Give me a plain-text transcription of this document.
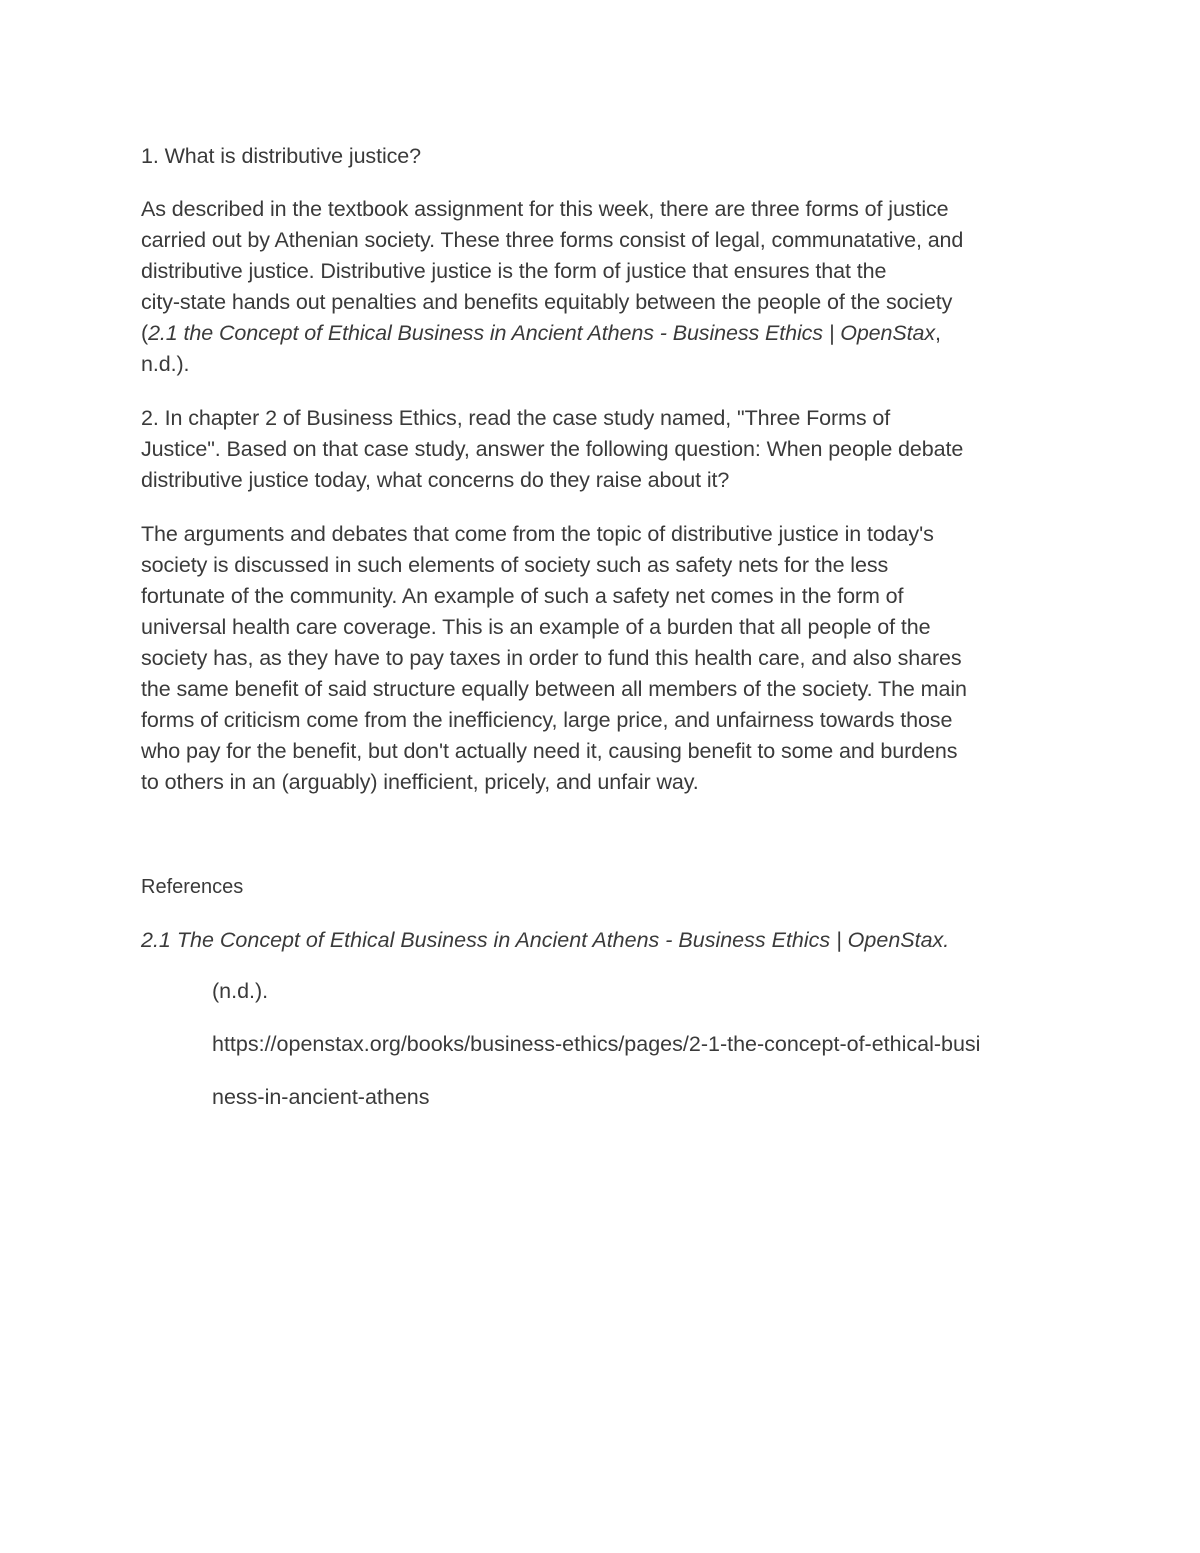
1. What is distributive justice?

As described in the textbook assignment for this week, there are three forms of justice
carried out by Athenian society. These three forms consist of legal, communatative, and
distributive justice. Distributive justice is the form of justice that ensures that the
city-state hands out penalties and benefits equitably between the people of the society
(2.1 the Concept of Ethical Business in Ancient Athens - Business Ethics | OpenStax,
n.d.).

2. In chapter 2 of Business Ethics, read the case study named, "Three Forms of
Justice". Based on that case study, answer the following question: When people debate
distributive justice today, what concerns do they raise about it?

The arguments and debates that come from the topic of distributive justice in today's
society is discussed in such elements of society such as safety nets for the less
fortunate of the community. An example of such a safety net comes in the form of
universal health care coverage. This is an example of a burden that all people of the
society has, as they have to pay taxes in order to fund this health care, and also shares
the same benefit of said structure equally between all members of the society. The main
forms of criticism come from the inefficiency, large price, and unfairness towards those
who pay for the benefit, but don't actually need it, causing benefit to some and burdens
to others in an (arguably) inefficient, pricely, and unfair way.

References

2.1 The Concept of Ethical Business in Ancient Athens - Business Ethics | OpenStax.

(n.d.).

https://openstax.org/books/business-ethics/pages/2-1-the-concept-of-ethical-busi

ness-in-ancient-athens
